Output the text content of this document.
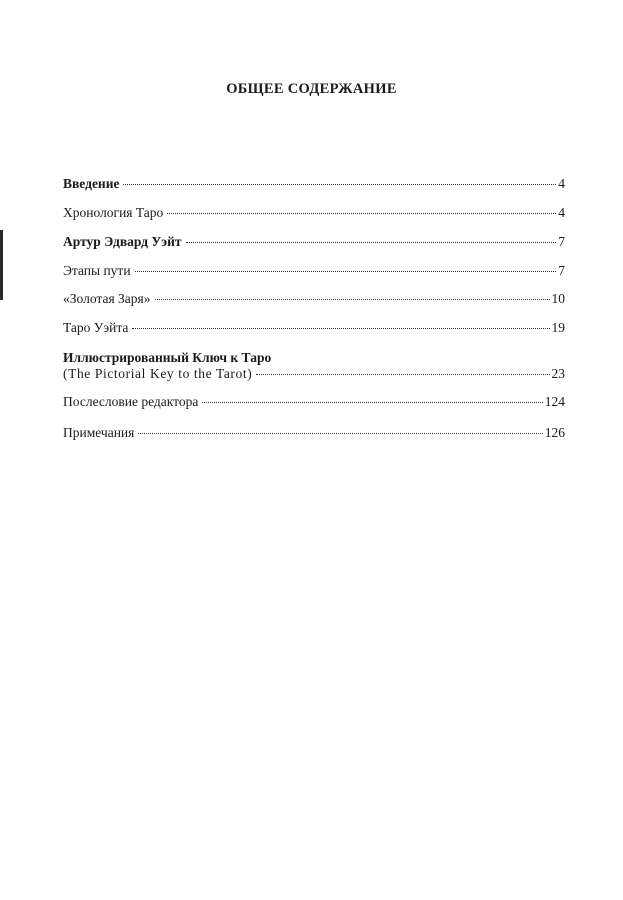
ОБЩЕЕ СОДЕРЖАНИЕ
Введение	4
Хронология Таро	4
Артур Эдвард Уэйт	7
Этапы пути	7
«Золотая Заря»	10
Таро Уэйта	19
Иллюстрированный Ключ к Таро
(The Pictorial Key to the Tarot)	23
Послесловие редактора	124
Примечания	126
